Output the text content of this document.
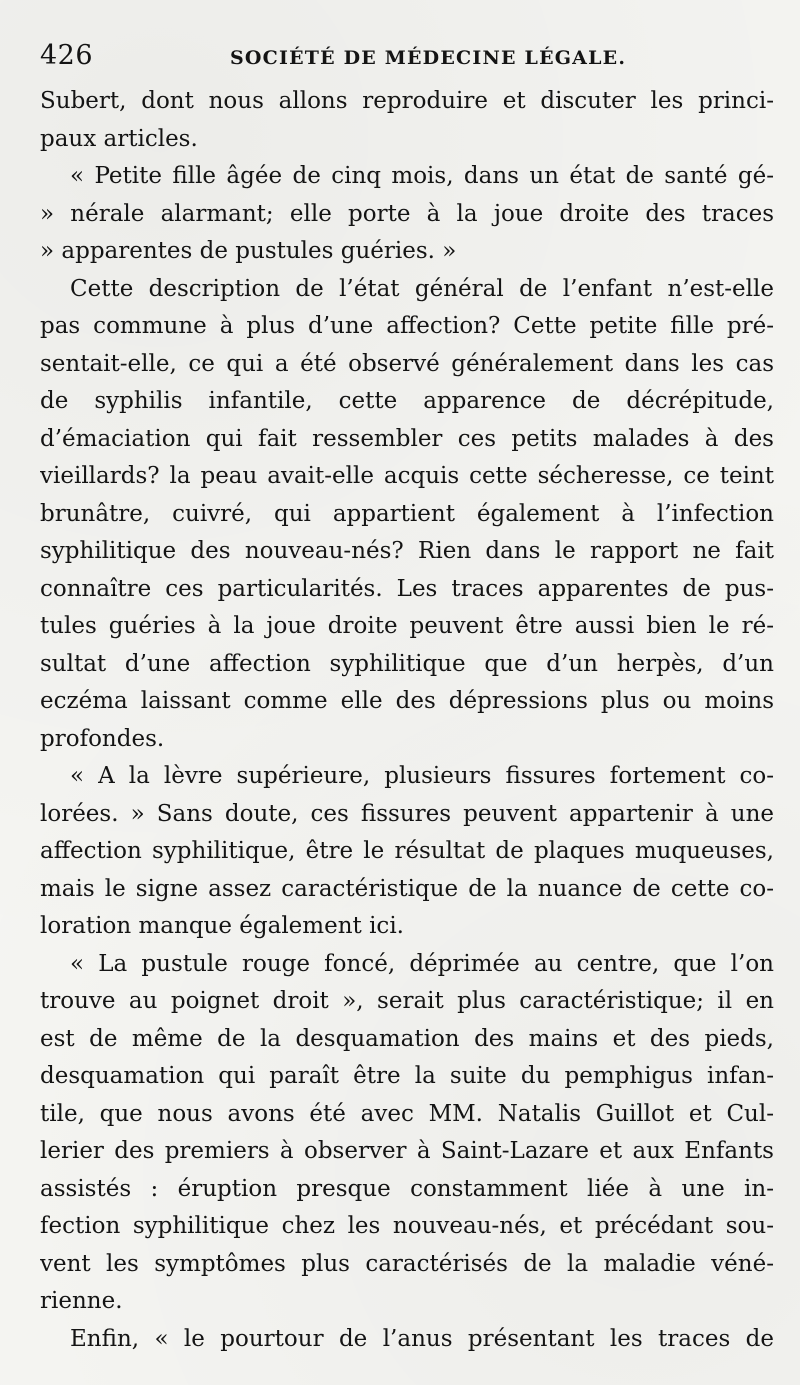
426	SOCIÉTÉ DE MÉDECINE LÉGALE.
Subert, dont nous allons reproduire et discuter les princi-
paux articles.
« Petite fille âgée de cinq mois, dans un état de santé gé-
» nérale alarmant; elle porte à la joue droite des traces
» apparentes de pustules guéries. »
Cette description de l’état général de l’enfant n’est-elle
pas commune à plus d’une affection? Cette petite fille pré-
sentait-elle, ce qui a été observé généralement dans les cas
de syphilis infantile, cette apparence de décrépitude,
d’émaciation qui fait ressembler ces petits malades à des
vieillards? la peau avait-elle acquis cette sécheresse, ce teint
brunâtre, cuivré, qui appartient également à l’infection
syphilitique des nouveau-nés? Rien dans le rapport ne fait
connaître ces particularités. Les traces apparentes de pus-
tules guéries à la joue droite peuvent être aussi bien le ré-
sultat d’une affection syphilitique que d’un herpès, d’un
eczéma laissant comme elle des dépressions plus ou moins
profondes.
« A la lèvre supérieure, plusieurs fissures fortement co-
lorées. » Sans doute, ces fissures peuvent appartenir à une
affection syphilitique, être le résultat de plaques muqueuses,
mais le signe assez caractéristique de la nuance de cette co-
loration manque également ici.
« La pustule rouge foncé, déprimée au centre, que l’on
trouve au poignet droit », serait plus caractéristique; il en
est de même de la desquamation des mains et des pieds,
desquamation qui paraît être la suite du pemphigus infan-
tile, que nous avons été avec MM. Natalis Guillot et Cul-
lerier des premiers à observer à Saint-Lazare et aux Enfants
assistés : éruption presque constamment liée à une in-
fection syphilitique chez les nouveau-nés, et précédant sou-
vent les symptômes plus caractérisés de la maladie véné-
rienne.
Enfin, « le pourtour de l’anus présentant les traces de
